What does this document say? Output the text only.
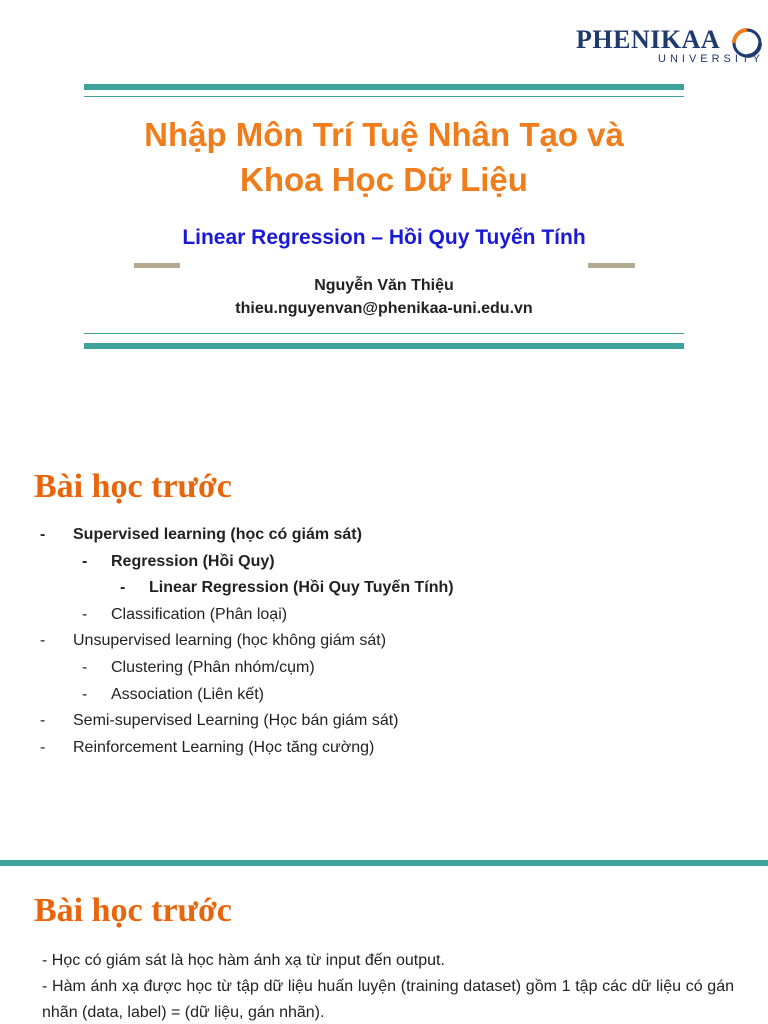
PHENIKAA
UNIVERSITY
Nhập Môn Trí Tuệ Nhân Tạo và
Khoa Học Dữ Liệu
Linear Regression – Hồi Quy Tuyến Tính
Nguyễn Văn Thiệu
thieu.nguyenvan@phenikaa-uni.edu.vn
Bài học trước
- Supervised learning (học có giám sát)
- Regression (Hồi Quy)
- Linear Regression (Hồi Quy Tuyến Tính)
- Classification (Phân loại)
- Unsupervised learning (học không giám sát)
- Clustering (Phân nhóm/cụm)
- Association (Liên kết)
- Semi-supervised Learning (Học bán giám sát)
- Reinforcement Learning (Học tăng cường)
Bài học trước

- Học có giám sát là học hàm ánh xạ từ input đến output.

- Hàm ánh xạ được học từ tập dữ liệu huấn luyện (training dataset) gồm 1 tập các dữ liệu có gán nhãn (data, label) = (dữ liệu, gán nhãn).
